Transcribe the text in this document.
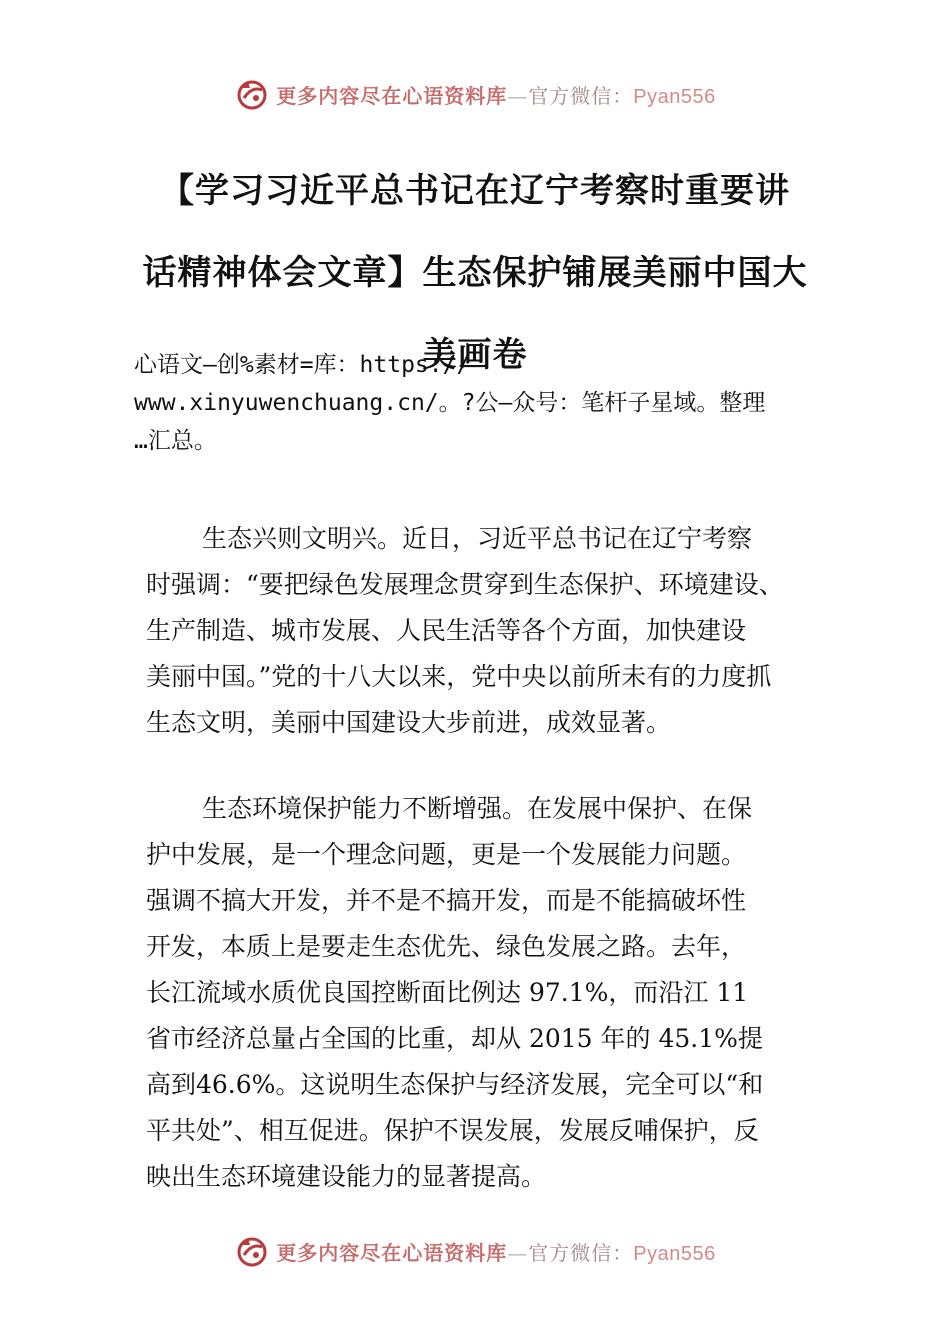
更多内容尽在心语资料库—官方微信：Pyan556
【学习习近平总书记在辽宁考察时重要讲
话精神体会文章】生态保护铺展美丽中国大
美画卷
心语文—创%素材=库：https://
www.xinyuwenchuang.cn/。?公—众号：笔杆子星域。整理
…汇总。
生态兴则文明兴。近日，习近平总书记在辽宁考察
时强调：“要把绿色发展理念贯穿到生态保护、环境建设、
生产制造、城市发展、人民生活等各个方面，加快建设
美丽中国。”党的十八大以来，党中央以前所未有的力度抓
生态文明，美丽中国建设大步前进，成效显著。
生态环境保护能力不断增强。在发展中保护、在保
护中发展，是一个理念问题，更是一个发展能力问题。
强调不搞大开发，并不是不搞开发，而是不能搞破坏性
开发，本质上是要走生态优先、绿色发展之路。去年，
长江流域水质优良国控断面比例达 97.1%，而沿江 11
省市经济总量占全国的比重，却从 2015 年的 45.1%提
高到46.6%。这说明生态保护与经济发展，完全可以“和
平共处”、相互促进。保护不误发展，发展反哺保护，反
映出生态环境建设能力的显著提高。
更多内容尽在心语资料库—官方微信：Pyan556
